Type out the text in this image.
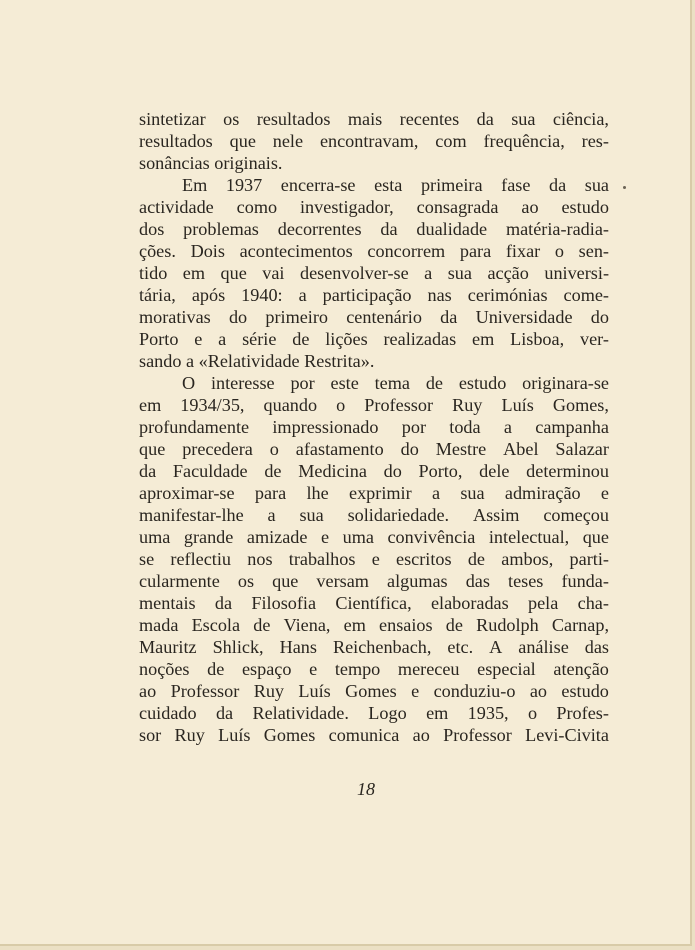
sintetizar os resultados mais recentes da sua ciência,
resultados que nele encontravam, com frequência, res-
sonâncias originais.
Em 1937 encerra-se esta primeira fase da sua
actividade como investigador, consagrada ao estudo
dos problemas decorrentes da dualidade matéria-radia-
ções. Dois acontecimentos concorrem para fixar o sen-
tido em que vai desenvolver-se a sua acção universi-
tária, após 1940: a participação nas cerimónias come-
morativas do primeiro centenário da Universidade do
Porto e a série de lições realizadas em Lisboa, ver-
sando a «Relatividade Restrita».
O interesse por este tema de estudo originara-se
em 1934/35, quando o Professor Ruy Luís Gomes,
profundamente impressionado por toda a campanha
que precedera o afastamento do Mestre Abel Salazar
da Faculdade de Medicina do Porto, dele determinou
aproximar-se para lhe exprimir a sua admiração e
manifestar-lhe a sua solidariedade. Assim começou
uma grande amizade e uma convivência intelectual, que
se reflectiu nos trabalhos e escritos de ambos, parti-
cularmente os que versam algumas das teses funda-
mentais da Filosofia Científica, elaboradas pela cha-
mada Escola de Viena, em ensaios de Rudolph Carnap,
Mauritz Shlick, Hans Reichenbach, etc. A análise das
noções de espaço e tempo mereceu especial atenção
ao Professor Ruy Luís Gomes e conduziu-o ao estudo
cuidado da Relatividade. Logo em 1935, o Profes-
sor Ruy Luís Gomes comunica ao Professor Levi-Civita
18
